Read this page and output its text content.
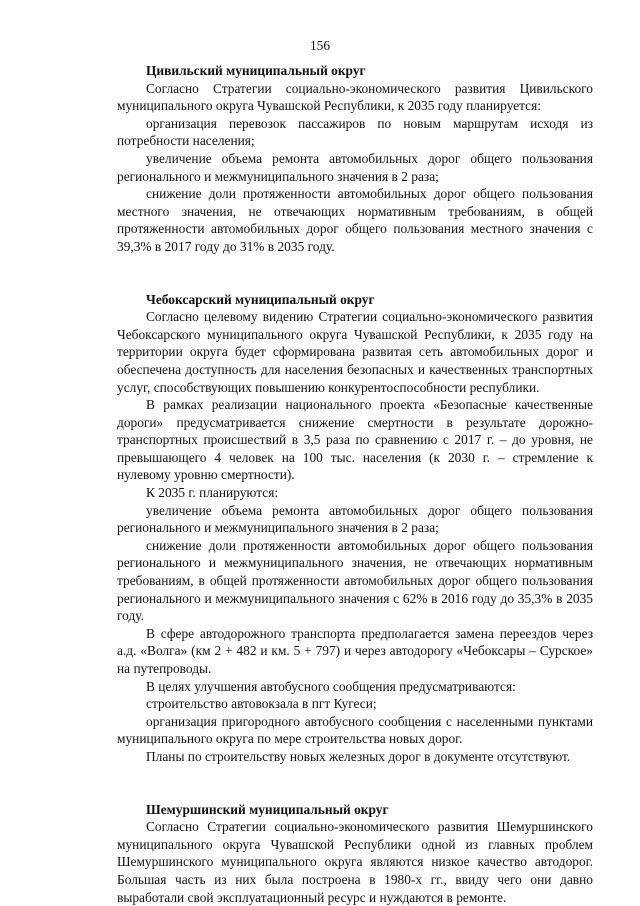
156

Цивильский муниципальный округ

Согласно Стратегии социально-экономического развития Цивильского муниципального округа Чувашской Республики, к 2035 году планируется:

организация перевозок пассажиров по новым маршрутам исходя из потребности населения;

увеличение объема ремонта автомобильных дорог общего пользования регионального и межмуниципального значения в 2 раза;

снижение доли протяженности автомобильных дорог общего пользования местного значения, не отвечающих нормативным требованиям, в общей протяженности автомобильных дорог общего пользования местного значения с 39,3% в 2017 году до 31% в 2035 году.

Чебоксарский муниципальный округ

Согласно целевому видению Стратегии социально-экономического развития Чебоксарского муниципального округа Чувашской Республики, к 2035 году на территории округа будет сформирована развитая сеть автомобильных дорог и обеспечена доступность для населения безопасных и качественных транспортных услуг, способствующих повышению конкурентоспособности республики.

В рамках реализации национального проекта «Безопасные качественные дороги» предусматривается снижение смертности в результате дорожно-транспортных происшествий в 3,5 раза по сравнению с 2017 г. – до уровня, не превышающего 4 человек на 100 тыс. населения (к 2030 г. – стремление к нулевому уровню смертности).

К 2035 г. планируются:

увеличение объема ремонта автомобильных дорог общего пользования регионального и межмуниципального значения в 2 раза;

снижение доли протяженности автомобильных дорог общего пользования регионального и межмуниципального значения, не отвечающих нормативным требованиям, в общей протяженности автомобильных дорог общего пользования регионального и межмуниципального значения с 62% в 2016 году до 35,3% в 2035 году.

В сфере автодорожного транспорта предполагается замена переездов через а.д. «Волга» (км 2 + 482 и км. 5 + 797) и через автодорогу «Чебоксары – Сурское» на путепроводы.

В целях улучшения автобусного сообщения предусматриваются:

строительство автовокзала в пгт Кугеси;

организация пригородного автобусного сообщения с населенными пунктами муниципального округа по мере строительства новых дорог.

Планы по строительству новых железных дорог в документе отсутствуют.

Шемуршинский муниципальный округ

Согласно Стратегии социально-экономического развития Шемуршинского муниципального округа Чувашской Республики одной из главных проблем Шемуршинского муниципального округа являются низкое качество автодорог. Большая часть из них была построена в 1980-х гг., ввиду чего они давно выработали свой эксплуатационный ресурс и нуждаются в ремонте.
